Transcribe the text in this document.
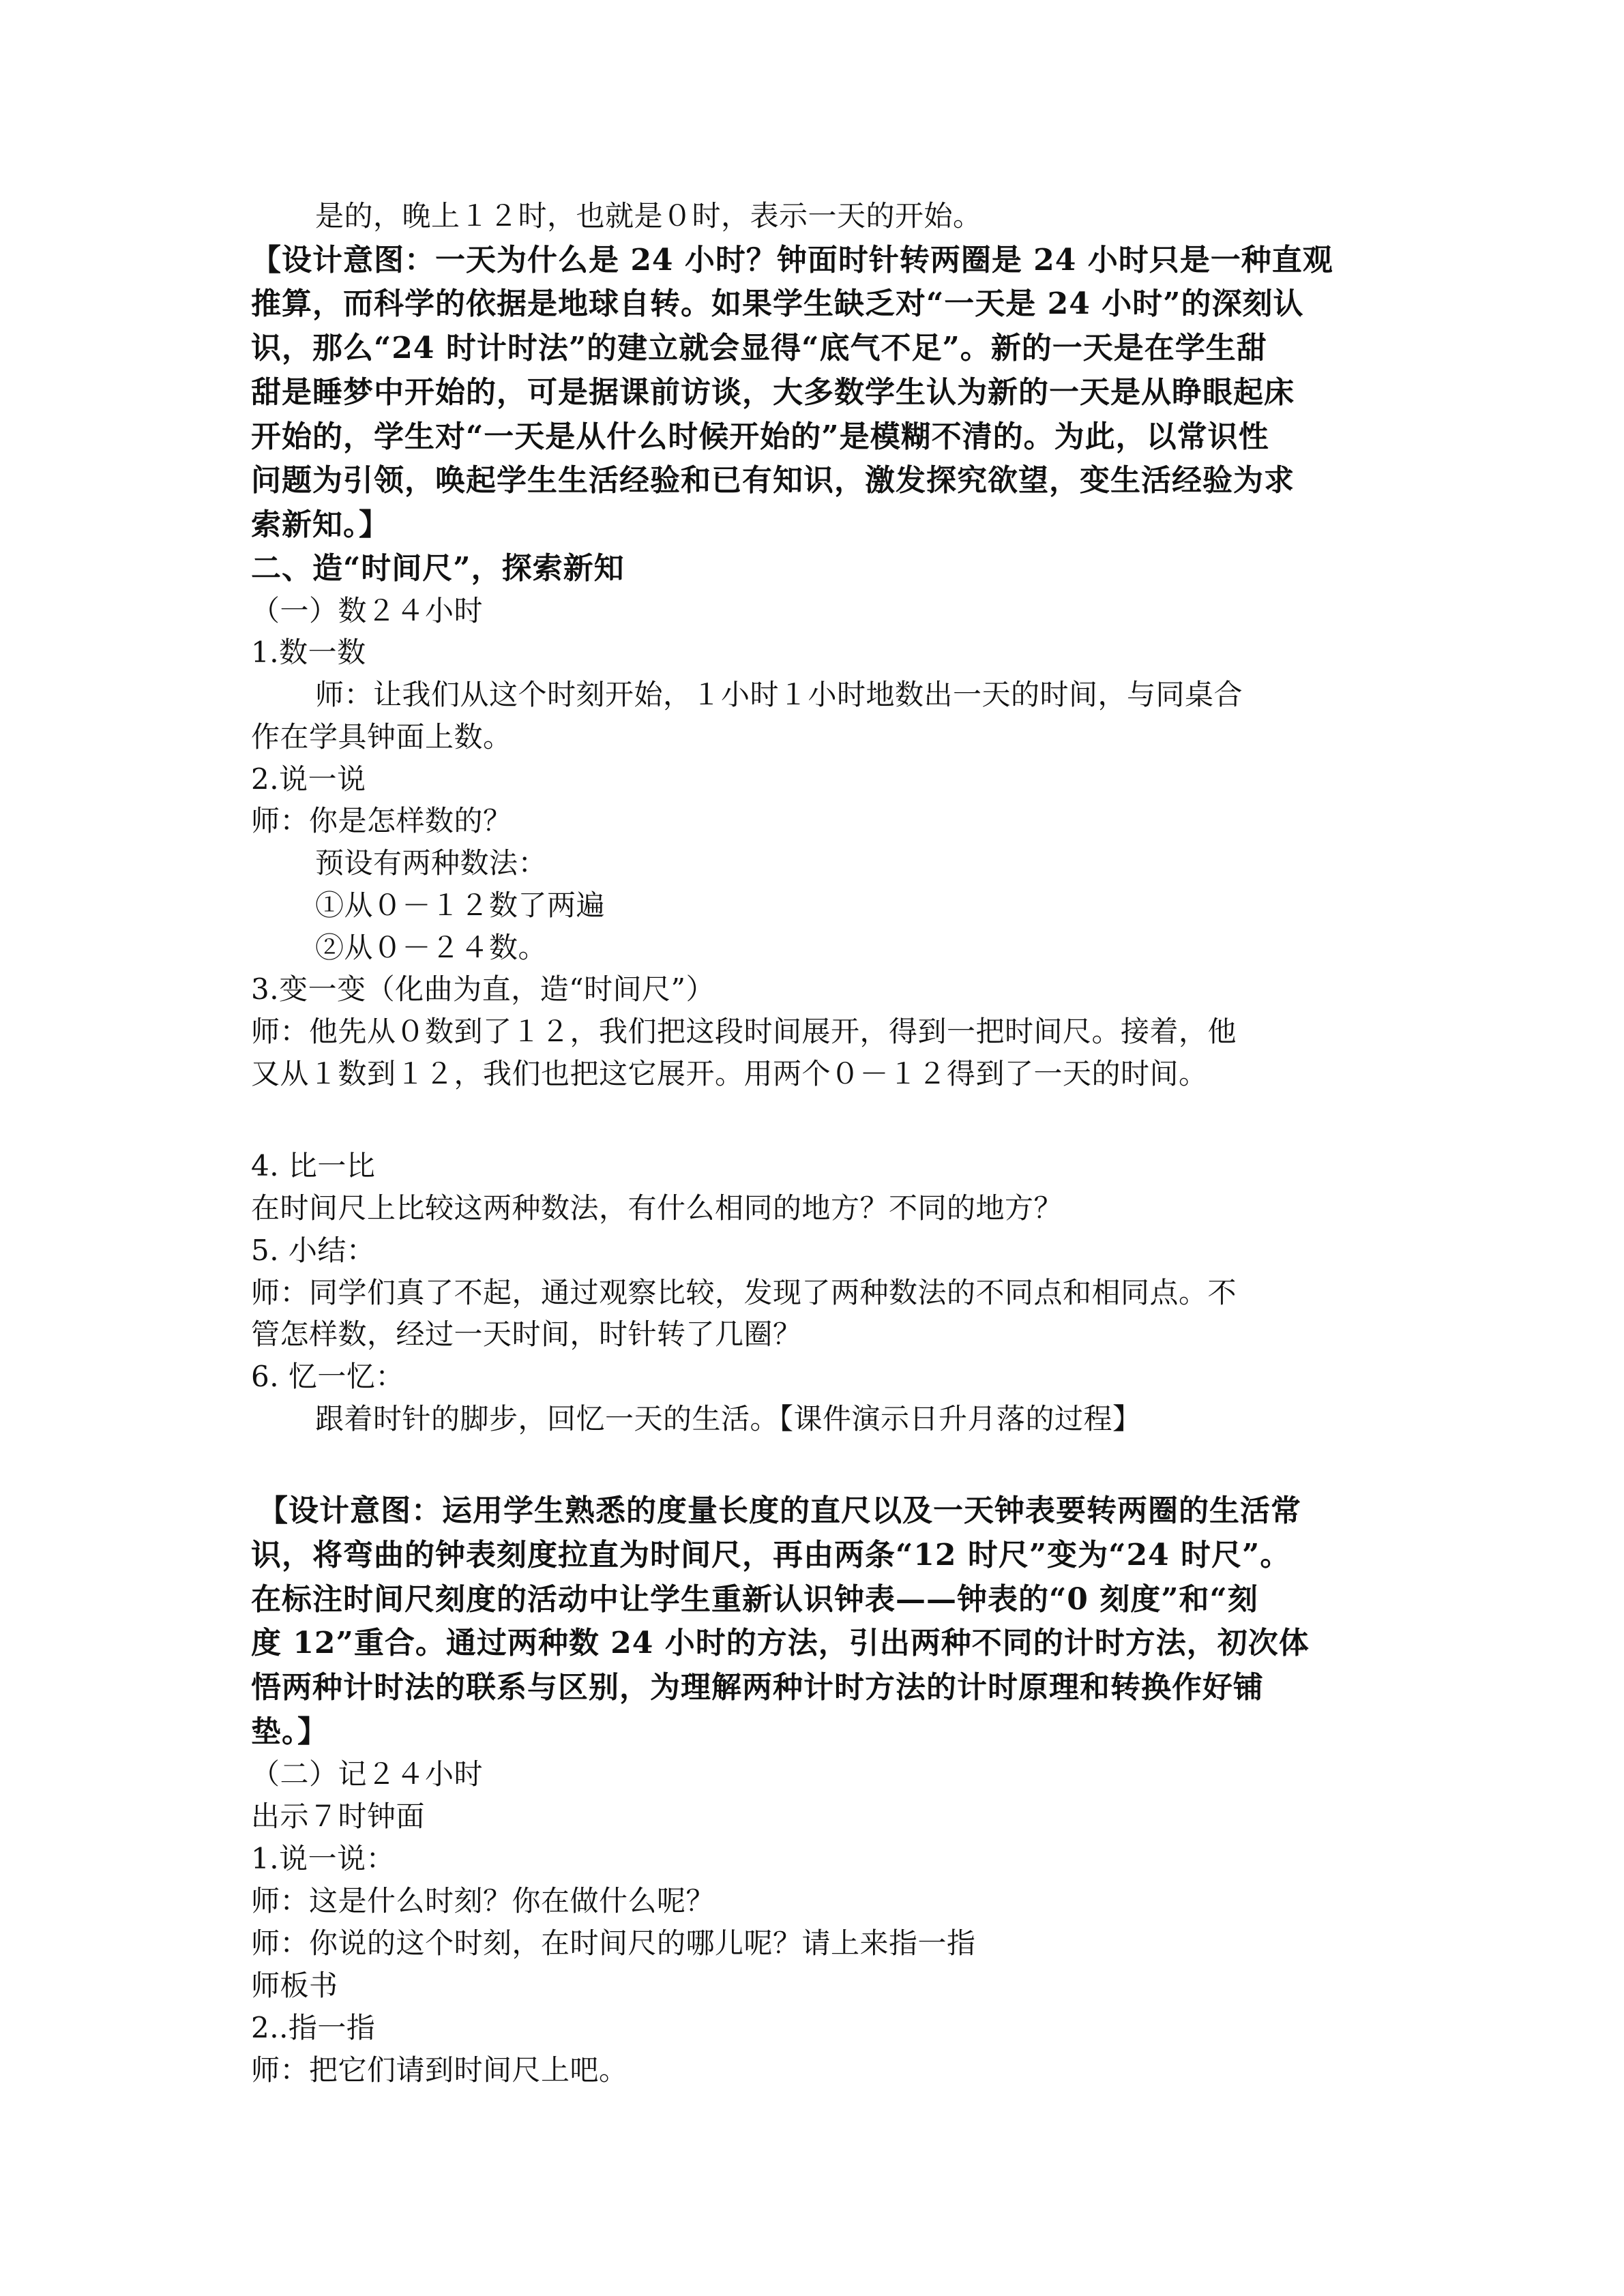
是的，晚上１２时，也就是０时，表示一天的开始。
【设计意图：一天为什么是 24 小时？钟面时针转两圈是 24 小时只是一种直观
推算，而科学的依据是地球自转。如果学生缺乏对“一天是 24 小时”的深刻认
识，那么“24 时计时法”的建立就会显得“底气不足”。新的一天是在学生甜
甜是睡梦中开始的，可是据课前访谈，大多数学生认为新的一天是从睁眼起床
开始的，学生对“一天是从什么时候开始的”是模糊不清的。为此，以常识性
问题为引领，唤起学生生活经验和已有知识，激发探究欲望，变生活经验为求
索新知。】
二、造“时间尺”，探索新知
（一）数２４小时
1.数一数
师：让我们从这个时刻开始，１小时１小时地数出一天的时间，与同桌合
作在学具钟面上数。
2.说一说
师：你是怎样数的？
预设有两种数法：
①从０－１２数了两遍
②从０－２４数。
3.变一变（化曲为直，造“时间尺”）
师：他先从０数到了１２，我们把这段时间展开，得到一把时间尺。接着，他
又从１数到１２，我们也把这它展开。用两个０－１２得到了一天的时间。
4. 比一比
在时间尺上比较这两种数法，有什么相同的地方？不同的地方？
5. 小结：
师：同学们真了不起，通过观察比较，发现了两种数法的不同点和相同点。不
管怎样数，经过一天时间，时针转了几圈？
6. 忆一忆：
跟着时针的脚步，回忆一天的生活。【课件演示日升月落的过程】
【设计意图：运用学生熟悉的度量长度的直尺以及一天钟表要转两圈的生活常
识，将弯曲的钟表刻度拉直为时间尺，再由两条“12 时尺”变为“24 时尺”。
在标注时间尺刻度的活动中让学生重新认识钟表——钟表的“0 刻度”和“刻
度 12”重合。通过两种数 24 小时的方法，引出两种不同的计时方法，初次体
悟两种计时法的联系与区别，为理解两种计时方法的计时原理和转换作好铺
垫。】
（二）记２４小时
出示７时钟面
1.说一说：
师：这是什么时刻？你在做什么呢？
师：你说的这个时刻，在时间尺的哪儿呢？请上来指一指
师板书
2..指一指
师：把它们请到时间尺上吧。
